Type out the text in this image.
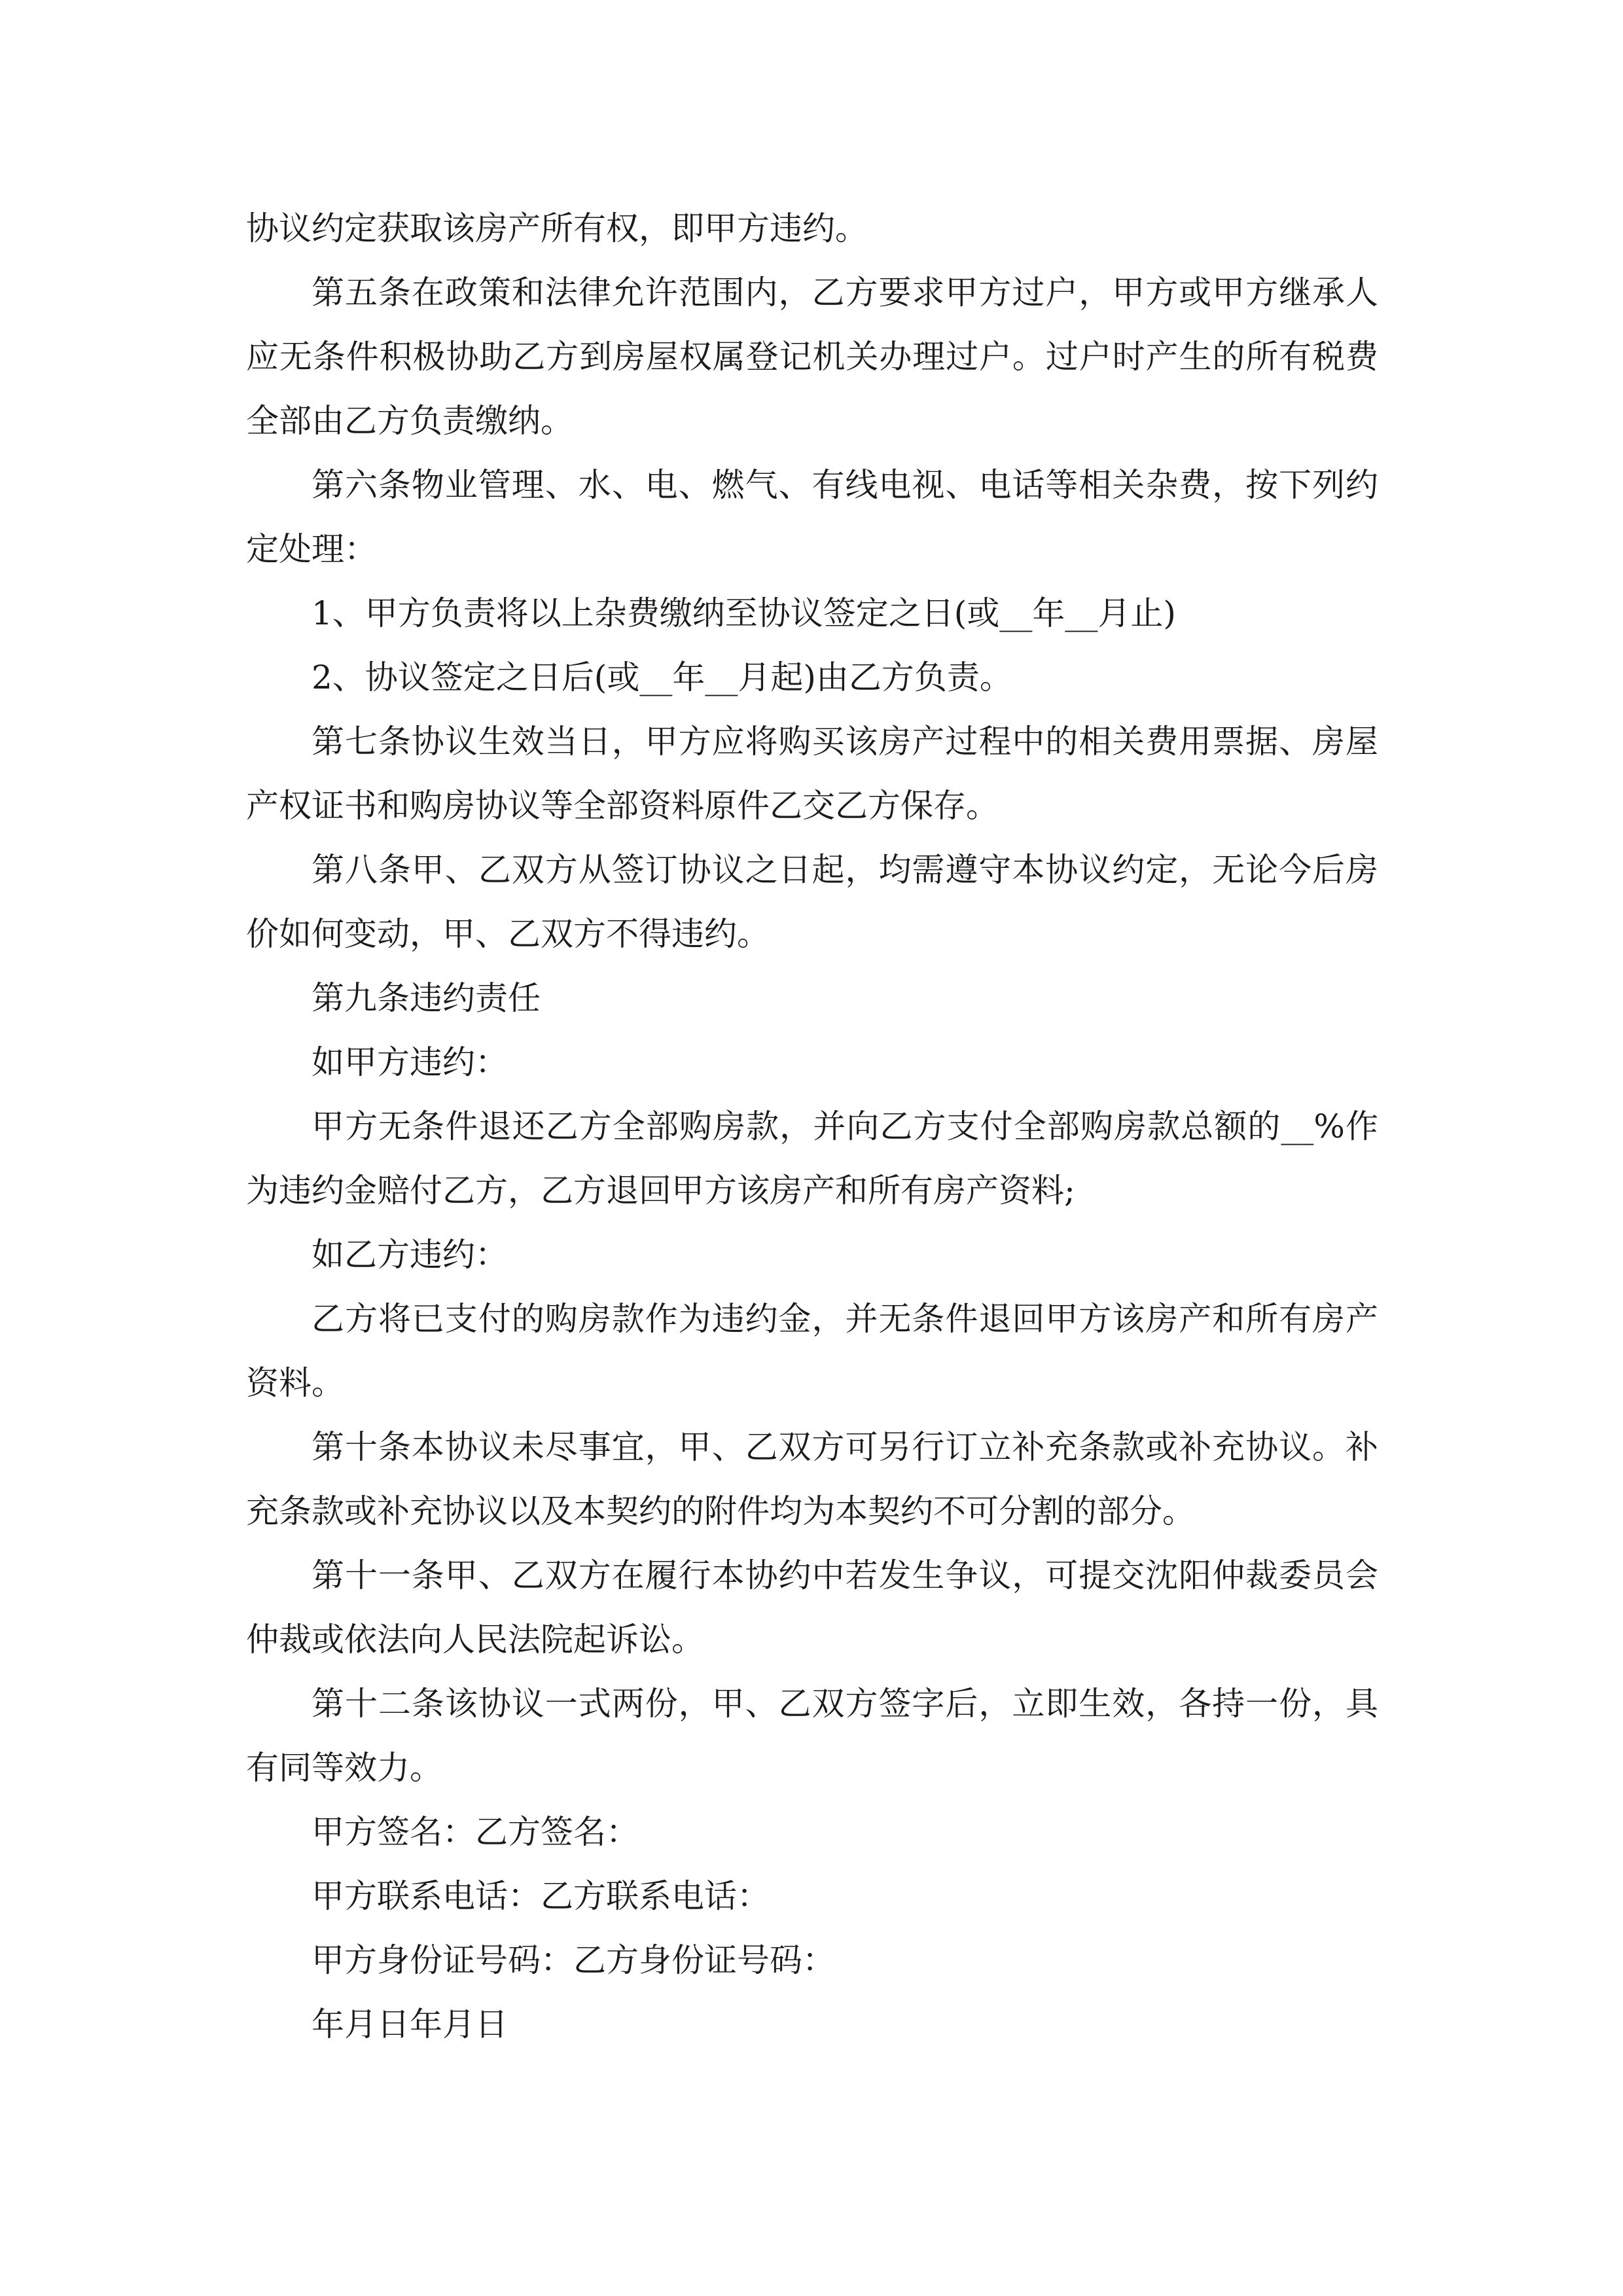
协议约定获取该房产所有权，即甲方违约。

第五条在政策和法律允许范围内，乙方要求甲方过户，甲方或甲方继承人应无条件积极协助乙方到房屋权属登记机关办理过户。过户时产生的所有税费全部由乙方负责缴纳。

第六条物业管理、水、电、燃气、有线电视、电话等相关杂费，按下列约定处理：

1、甲方负责将以上杂费缴纳至协议签定之日(或__年__月止)

2、协议签定之日后(或__年__月起)由乙方负责。

第七条协议生效当日，甲方应将购买该房产过程中的相关费用票据、房屋产权证书和购房协议等全部资料原件乙交乙方保存。

第八条甲、乙双方从签订协议之日起，均需遵守本协议约定，无论今后房价如何变动，甲、乙双方不得违约。

第九条违约责任

如甲方违约：

甲方无条件退还乙方全部购房款，并向乙方支付全部购房款总额的__%作为违约金赔付乙方，乙方退回甲方该房产和所有房产资料;

如乙方违约：

乙方将已支付的购房款作为违约金，并无条件退回甲方该房产和所有房产资料。

第十条本协议未尽事宜，甲、乙双方可另行订立补充条款或补充协议。补充条款或补充协议以及本契约的附件均为本契约不可分割的部分。

第十一条甲、乙双方在履行本协约中若发生争议，可提交沈阳仲裁委员会仲裁或依法向人民法院起诉讼。

第十二条该协议一式两份，甲、乙双方签字后，立即生效，各持一份，具有同等效力。

甲方签名：乙方签名：

甲方联系电话：乙方联系电话：

甲方身份证号码：乙方身份证号码：

年月日年月日
